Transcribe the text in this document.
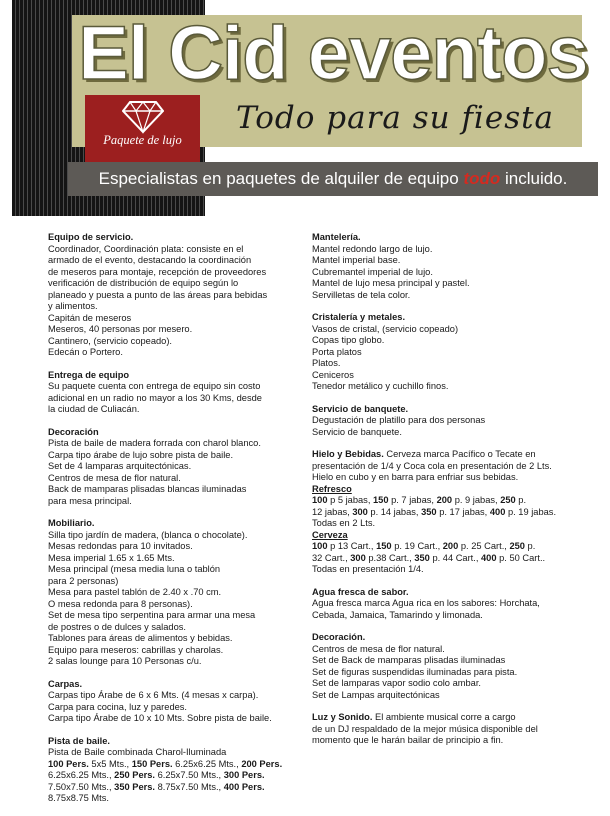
Paquete de lujo
El Cid eventos
Todo para su fiesta
Especialistas en paquetes de alquiler de equipo todo incluido.
Equipo de servicio.
Coordinador, Coordinación plata: consiste en el
armado de el evento, destacando la coordinación
de meseros para montaje, recepción de proveedores
verificación de distribución de equipo según lo
planeado y puesta a punto de las áreas para bebidas
y alimentos.
Capitán de meseros
Meseros, 40 personas por mesero.
Cantinero, (servicio copeado).
Edecán o Portero.
Entrega de equipo
Su paquete cuenta con entrega de equipo sin costo
adicional en un radio no mayor a los 30 Kms, desde
la ciudad de Culiacán.
Decoración
Pista de baile de madera forrada con charol blanco.
Carpa tipo árabe de lujo sobre pista de baile.
Set de 4 lamparas arquitectónicas.
Centros de mesa de flor natural.
Back de mamparas plisadas blancas iluminadas
para mesa principal.
Mobiliario.
Silla tipo jardín de madera, (blanca o chocolate).
Mesas redondas para 10 invitados.
Mesa imperial 1.65 x 1.65 Mts.
Mesa principal (mesa media luna o tablón
para 2 personas)
Mesa para pastel tablón de 2.40 x .70 cm.
O mesa redonda para 8 personas).
Set de mesa tipo serpentina para armar una mesa
de postres o de dulces y salados.
Tablones para áreas de alimentos y bebidas.
Equipo para meseros: cabrillas y charolas.
2 salas lounge para 10 Personas c/u.
Carpas.
Carpas tipo Árabe de 6 x 6 Mts. (4 mesas x carpa).
Carpa para cocina, luz y paredes.
Carpa tipo Árabe de 10 x 10 Mts. Sobre pista de baile.
Pista de baile.
Pista de Baile combinada Charol-Iluminada
100 Pers. 5x5 Mts., 150 Pers. 6.25x6.25 Mts., 200 Pers.
6.25x6.25 Mts., 250 Pers. 6.25x7.50 Mts., 300 Pers.
7.50x7.50 Mts., 350 Pers. 8.75x7.50 Mts., 400 Pers.
8.75x8.75 Mts.
Mantelería.
Mantel redondo largo de lujo.
Mantel imperial base.
Cubremantel imperial de lujo.
Mantel de lujo mesa principal y pastel.
Servilletas de tela color.
Cristalería y metales.
Vasos de cristal, (servicio copeado)
Copas tipo globo.
Porta platos
Platos.
Ceniceros
Tenedor metálico y cuchillo finos.
Servicio de banquete.
Degustación de platillo para dos personas
Servicio de banquete.
Hielo y Bebidas. Cerveza marca Pacífico o Tecate en
presentación de 1/4 y Coca cola en presentación de 2 Lts.
Hielo en cubo y en barra para enfriar sus bebidas.
Refresco
100 p 5 jabas, 150 p. 7 jabas, 200 p. 9 jabas, 250 p.
12 jabas, 300 p. 14 jabas, 350 p. 17 jabas, 400 p. 19 jabas.
Todas en 2 Lts.
Cerveza
100 p 13 Cart., 150 p. 19 Cart., 200 p. 25 Cart., 250 p.
32 Cart., 300 p.38 Cart., 350 p. 44 Cart., 400 p. 50 Cart..
Todas en presentación 1/4.
Agua fresca de sabor.
Agua fresca marca Agua rica en los sabores: Horchata,
Cebada, Jamaica, Tamarindo y limonada.
Decoración.
Centros de mesa de flor natural.
Set de Back de mamparas plisadas iluminadas
Set de figuras suspendidas iluminadas para pista.
Set de lamparas vapor sodio colo ambar.
Set de Lampas arquitectónicas
Luz y Sonido. El ambiente musical corre a cargo
de un DJ respaldado de la mejor música disponible del
momento que le harán bailar de principio a fin.
